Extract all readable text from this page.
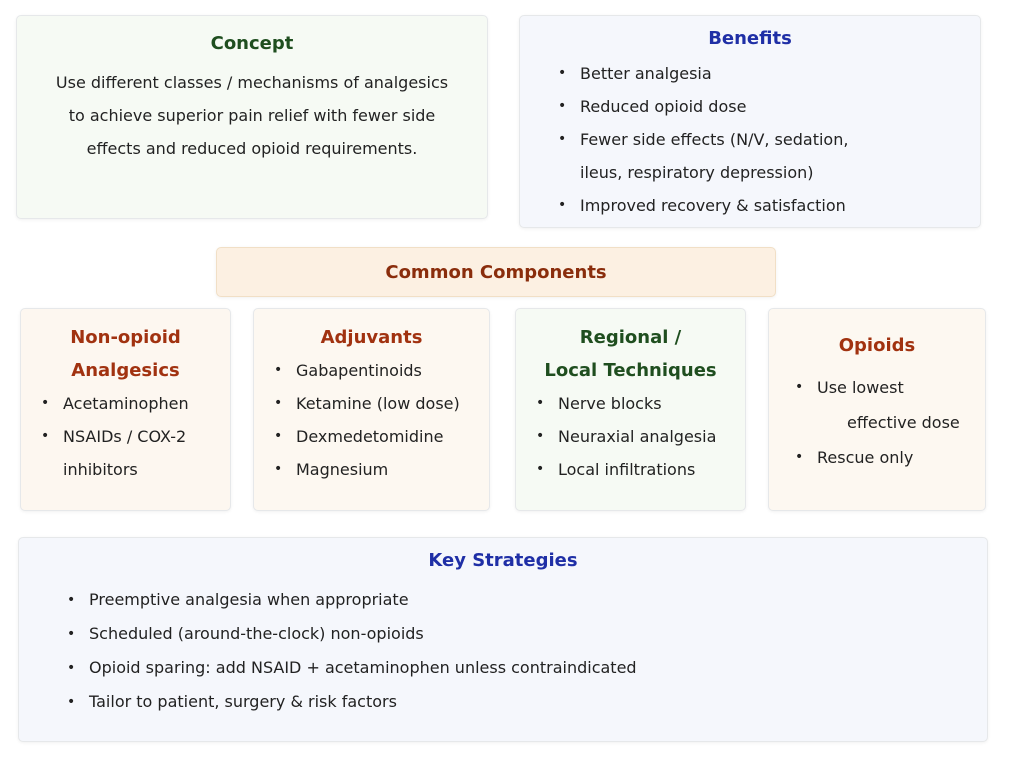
Concept
Use different classes / mechanisms of analgesics
to achieve superior pain relief with fewer side
effects and reduced opioid requirements.
Benefits
• Better analgesia
• Reduced opioid dose
• Fewer side effects (N/V, sedation,
ileus, respiratory depression)
• Improved recovery & satisfaction
Common Components
Non-opioid
Analgesics
• Acetaminophen
• NSAIDs / COX-2
inhibitors
Adjuvants
• Gabapentinoids
• Ketamine (low dose)
• Dexmedetomidine
• Magnesium
Regional /
Local Techniques
• Nerve blocks
• Neuraxial analgesia
• Local infiltrations
Opioids
• Use lowest
effective dose
• Rescue only
Key Strategies
• Preemptive analgesia when appropriate
• Scheduled (around-the-clock) non-opioids
• Opioid sparing: add NSAID + acetaminophen unless contraindicated
• Tailor to patient, surgery & risk factors
